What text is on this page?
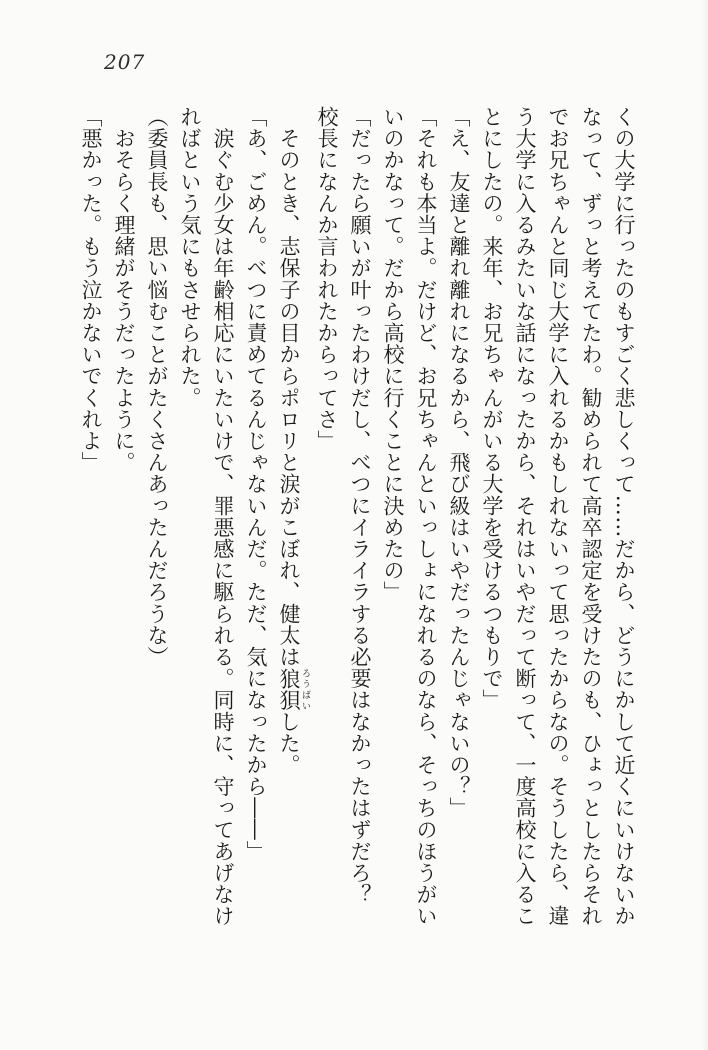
207

くの大学に行ったのもすごく悲しくって……だから、どうにかして近くにいけないか

なって、ずっと考えてたわ。勧められて高卒認定を受けたのも、ひょっとしたらそれ

でお兄ちゃんと同じ大学に入れるかもしれないって思ったからなの。そうしたら、違

う大学に入るみたいな話になったから、それはいやだって断って、一度高校に入るこ

とにしたの。来年、お兄ちゃんがいる大学を受けるつもりで」

「え、友達と離れ離れになるから、飛び級はいやだったんじゃないの？」

「それも本当よ。だけど、お兄ちゃんといっしょになれるのなら、そっちのほうがい

いのかなって。だから高校に行くことに決めたの」

「だったら願いが叶ったわけだし、べつにイライラする必要はなかったはずだろ？

校長になんか言われたからってさ」

　そのとき、志保子の目からポロリと涙がこぼれ、健太は狼狽 ろうばいした。

「あ、ごめん。べつに責めてるんじゃないんだ。ただ、気になったから――」

　涙ぐむ少女は年齢相応にいたいけで、罪悪感に駆られる。同時に、守ってあげなけ

ればという気にもさせられた。

（委員長も、思い悩むことがたくさんあったんだろうな）

　おそらく理緒がそうだったように。

「悪かった。もう泣かないでくれよ」
